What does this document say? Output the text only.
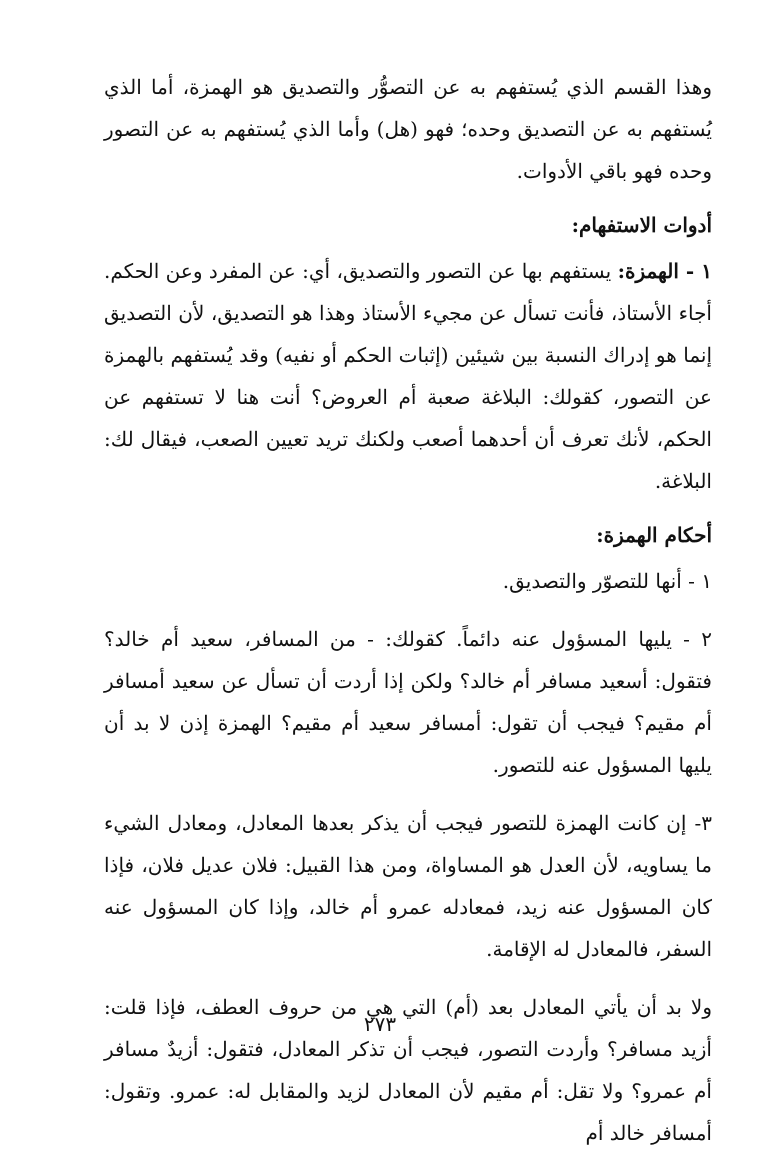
وهذا القسم الذي يُستفهم به عن التصوُّر والتصديق هو الهمزة، أما الذي يُستفهم به عن التصديق وحده؛ فهو (هل) وأما الذي يُستفهم به عن التصور وحده فهو باقي الأدوات.

أدوات الاستفهام:

١ - الهمزة: يستفهم بها عن التصور والتصديق، أي: عن المفرد وعن الحكم. أجاء الأستاذ، فأنت تسأل عن مجيء الأستاذ وهذا هو التصديق، لأن التصديق إنما هو إدراك النسبة بين شيئين (إثبات الحكم أو نفيه) وقد يُستفهم بالهمزة عن التصور، كقولك: البلاغة صعبة أم العروض؟ أنت هنا لا تستفهم عن الحكم، لأنك تعرف أن أحدهما أصعب ولكنك تريد تعيين الصعب، فيقال لك: البلاغة.

أحكام الهمزة:

١ - أنها للتصوّر والتصديق.

٢ - يليها المسؤول عنه دائماً. كقولك: - من المسافر، سعيد أم خالد؟ فتقول: أسعيد مسافر أم خالد؟ ولكن إذا أردت أن تسأل عن سعيد أمسافر أم مقيم؟ فيجب أن تقول: أمسافر سعيد أم مقيم؟ الهمزة إذن لا بد أن يليها المسؤول عنه للتصور.

٣- إن كانت الهمزة للتصور فيجب أن يذكر بعدها المعادل، ومعادل الشيء ما يساويه، لأن العدل هو المساواة، ومن هذا القبيل: فلان عديل فلان، فإذا كان المسؤول عنه زيد، فمعادله عمرو أم خالد، وإذا كان المسؤول عنه السفر، فالمعادل له الإقامة.

ولا بد أن يأتي المعادل بعد (أم) التي هي من حروف العطف، فإذا قلت: أزيد مسافر؟ وأردت التصور، فيجب أن تذكر المعادل، فتقول: أزيدٌ مسافر أم عمرو؟ ولا تقل: أم مقيم لأن المعادل لزيد والمقابل له: عمرو. وتقول: أمسافر خالد أم

٢٧٣
